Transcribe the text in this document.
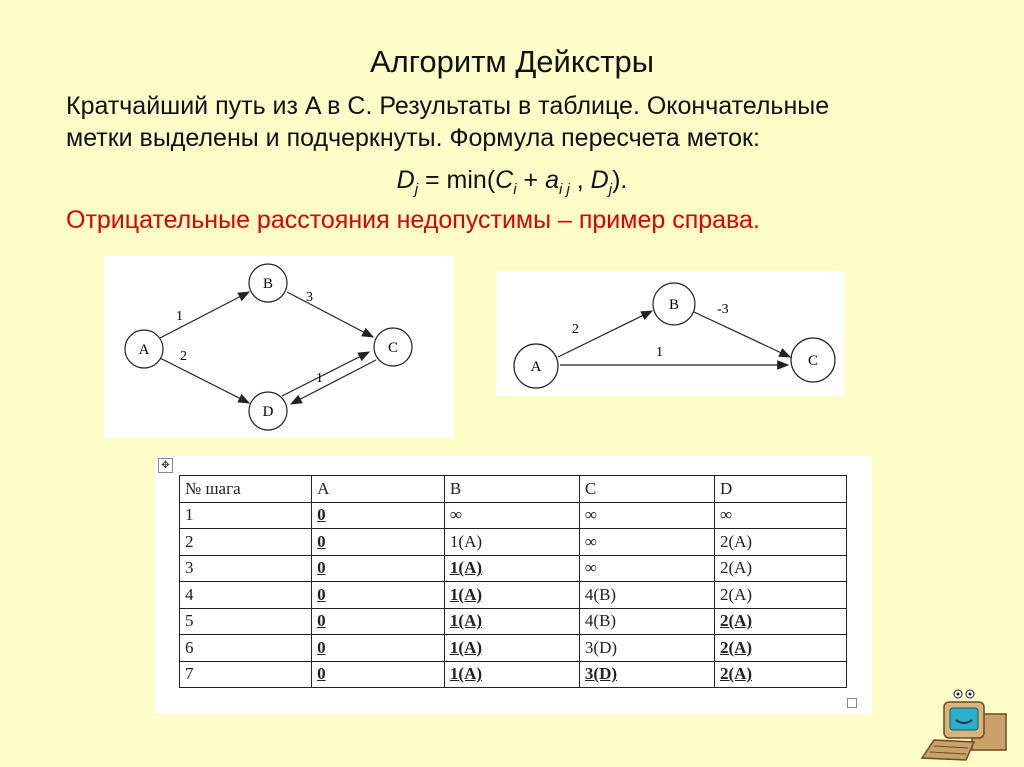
Алгоритм Дейкстры
Кратчайший путь из A в C. Результаты в таблице. Окончательные
метки выделены и подчеркнуты. Формула пересчета меток:
$D_j = \min(C_i + a_{i j}$ , $D_j$).
Отрицательные расстояния недопустимы – пример справа.
1
2
3
1
A
B
C
D
2
-3
1
A
B
C
✥
№ шага	A	B	C	D
1	0	∞	∞	∞
2	0	1(A)	∞	2(A)
3	0	1(A)	∞	2(A)
4	0	1(A)	4(B)	2(A)
5	0	1(A)	4(B)	2(A)
6	0	1(A)	3(D)	2(A)
7	0	1(A)	3(D)	2(A)
